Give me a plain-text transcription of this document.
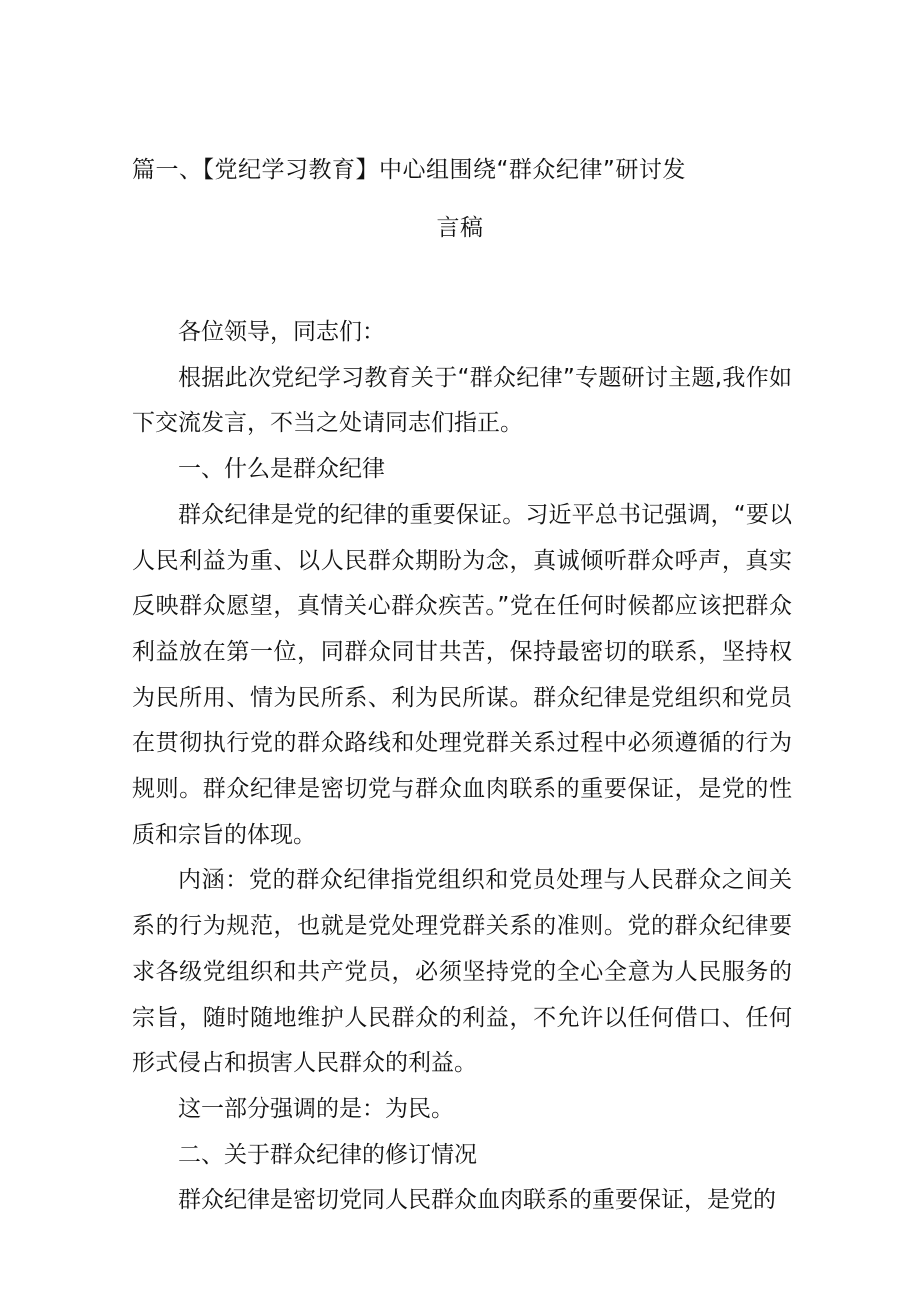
篇一、【党纪学习教育】中心组围绕“群众纪律”研讨发
言稿

各位领导，同志们：

根据此次党纪学习教育关于“群众纪律”专题研讨主题,我作如下交流发言，不当之处请同志们指正。

一、什么是群众纪律

群众纪律是党的纪律的重要保证。习近平总书记强调，“要以人民利益为重、以人民群众期盼为念，真诚倾听群众呼声，真实反映群众愿望，真情关心群众疾苦。”党在任何时候都应该把群众利益放在第一位，同群众同甘共苦，保持最密切的联系，坚持权为民所用、情为民所系、利为民所谋。群众纪律是党组织和党员在贯彻执行党的群众路线和处理党群关系过程中必须遵循的行为规则。群众纪律是密切党与群众血肉联系的重要保证，是党的性质和宗旨的体现。

内涵：党的群众纪律指党组织和党员处理与人民群众之间关系的行为规范，也就是党处理党群关系的准则。党的群众纪律要求各级党组织和共产党员，必须坚持党的全心全意为人民服务的宗旨，随时随地维护人民群众的利益，不允许以任何借口、任何形式侵占和损害人民群众的利益。

这一部分强调的是：为民。

二、关于群众纪律的修订情况

群众纪律是密切党同人民群众血肉联系的重要保证，是党的
